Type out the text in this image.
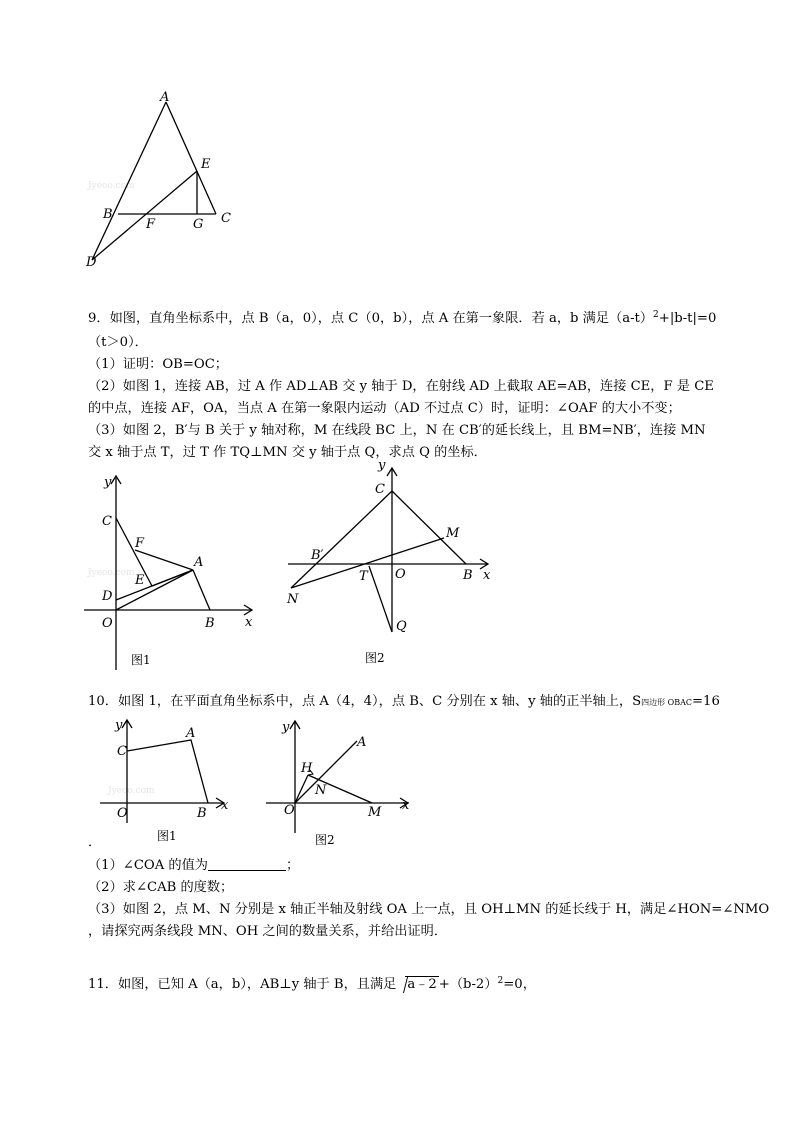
Jyeoo.com
A
E
B	C
F	G
D
9．如图，直角坐标系中，点 B（a，0），点 C（0，b），点 A 在第一象限．若 a，b 满足$(a-t)^2+|b-t|=0$
（t＞0）．
（1）证明：OB=OC；
（2）如图 1，连接 AB，过 A 作 AD⊥AB 交 y 轴于 D，在射线 AD 上截取 AE=AB，连接 CE，F 是 CE
的中点，连接 AF，OA，当点 A 在第一象限内运动（AD 不过点 C）时，证明：∠OAF 的大小不变；
（3）如图 2，B′与 B 关于 y 轴对称，M 在线段 BC 上，N 在 CB′的延长线上，且 BM=NB′，连接 MN
交 x 轴于点 T，过 T 作 TQ⊥MN 交 y 轴于点 Q，求点 Q 的坐标．
Jyeoo.com
y
C
F
A
E
D
O	B x
图1
y
C
M
B′
T O	B x
N
Q
图2
10．如图 1，在平面直角坐标系中，点 A（4，4），点 B、C 分别在 x 轴、y 轴的正半轴上，S四边形 OBAC=16
Jyeoo.com
y
C
A
O	B
x
图1
y
A
H
N
O	M x
图2
．
（1）∠COA 的值为	；
（2）求∠CAB 的度数；
（3）如图 2，点 M、N 分别是 x 轴正半轴及射线 OA 上一点，且 OH⊥MN 的延长线于 H，满足∠HON=∠NMO
，请探究两条线段 MN、OH 之间的数量关系，并给出证明．
11．如图，已知 A（a，b），AB⊥y 轴于 B，且满足 a﹣2 $+(b-2)^2=0$，
